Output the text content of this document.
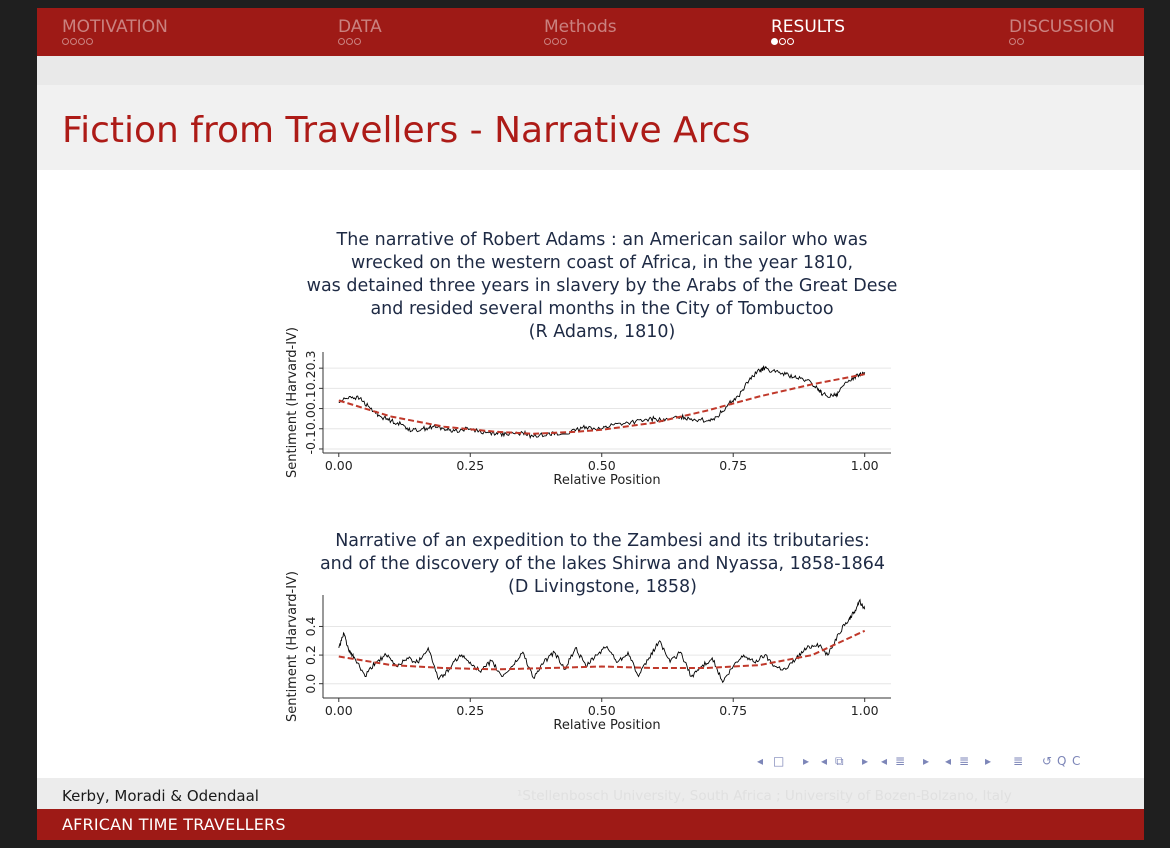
MOTIVATION	DATA	Methods	RESULTS	DISCUSSION
Fiction from Travellers - Narrative Arcs
The narrative of Robert Adams : an American sailor who was
wrecked on the western coast of Africa, in the year 1810,
was detained three years in slavery by the Arabs of the Great Dese
and resided several months in the City of Tombuctoo
(R Adams, 1810)
Narrative of an expedition to the Zambesi and its tributaries:
and of the discovery of the lakes Shirwa and Nyassa, 1858-1864
(D Livingstone, 1858)
0.00	0.25	0.50	0.75	1.00
-0.10.00.10.20.3
Relative Position
Sentiment (Harvard-IV)
0.00	0.25	0.50	0.75	1.00
0.0
0.2
0.4
Relative Position
Sentiment (Harvard-IV)
◂ □ ▸ ◂ ⧉ ▸ ◂ ≣ ▸ ◂ ≣ ▸ ≣ ↺ Q C
Kerby, Moradi & Odendaal	¹Stellenbosch University, South Africa ; University of Bozen-Bolzano, Italy
AFRICAN TIME TRAVELLERS
